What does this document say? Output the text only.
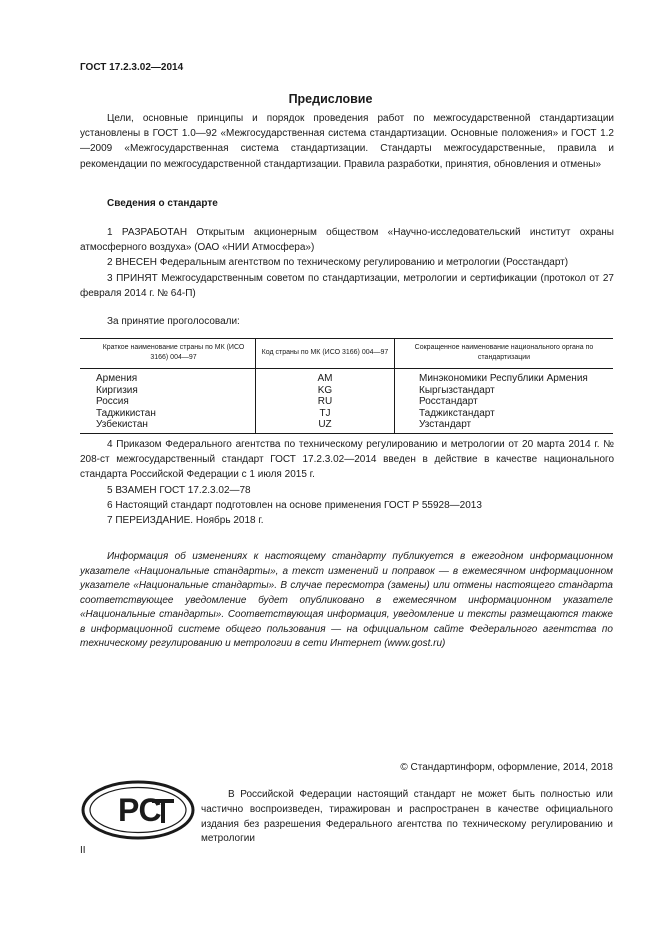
ГОСТ 17.2.3.02—2014
Предисловие

Цели, основные принципы и порядок проведения работ по межгосударственной стандартизации установлены в ГОСТ 1.0—92 «Межгосударственная система стандартизации. Основные положения» и ГОСТ 1.2—2009 «Межгосударственная система стандартизации. Стандарты межгосударственные, правила и рекомендации по межгосударственной стандартизации. Правила разработки, принятия, обновления и отмены»

Сведения о стандарте

1 РАЗРАБОТАН Открытым акционерным обществом «Научно-исследовательский институт охраны атмосферного воздуха» (ОАО «НИИ Атмосфера»)

2 ВНЕСЕН Федеральным агентством по техническому регулированию и метрологии (Росстандарт)

3 ПРИНЯТ Межгосударственным советом по стандартизации, метрологии и сертификации (протокол от 27 февраля 2014 г. № 64-П)

За принятие проголосовали:

Краткое наименование страны по МК (ИСО 3166) 004—97	Код страны по МК (ИСО 3166) 004—97	Сокращенное наименование национального органа по стандартизации
Армения	AM	Минэкономики Республики Армения
Киргизия	KG	Кыргызстандарт
Россия	RU	Росстандарт
Таджикистан	TJ	Таджикстандарт
Узбекистан	UZ	Узстандарт

4 Приказом Федерального агентства по техническому регулированию и метрологии от 20 марта 2014 г. № 208-ст межгосударственный стандарт ГОСТ 17.2.3.02—2014 введен в действие в качестве национального стандарта Российской Федерации с 1 июля 2015 г.

5 ВЗАМЕН ГОСТ 17.2.3.02—78

6 Настоящий стандарт подготовлен на основе применения ГОСТ Р 55928—2013

7 ПЕРЕИЗДАНИЕ. Ноябрь 2018 г.

Информация об изменениях к настоящему стандарту публикуется в ежегодном информационном указателе «Национальные стандарты», а текст изменений и поправок — в ежемесячном информационном указателе «Национальные стандарты». В случае пересмотра (замены) или отмены настоящего стандарта соответствующее уведомление будет опубликовано в ежемесячном информационном указателе «Национальные стандарты». Соответствующая информация, уведомление и тексты размещаются также в информационной системе общего пользования — на официальном сайте Федерального агентства по техническому регулированию и метрологии в сети Интернет (www.gost.ru)

© Стандартинформ, оформление, 2014, 2018
РС	В Российской Федерации настоящий стандарт не может быть полностью или частично воспроизведен, тиражирован и распространен в качестве официального издания без разрешения Федерального агентства по техническому регулированию и метрологии

II
